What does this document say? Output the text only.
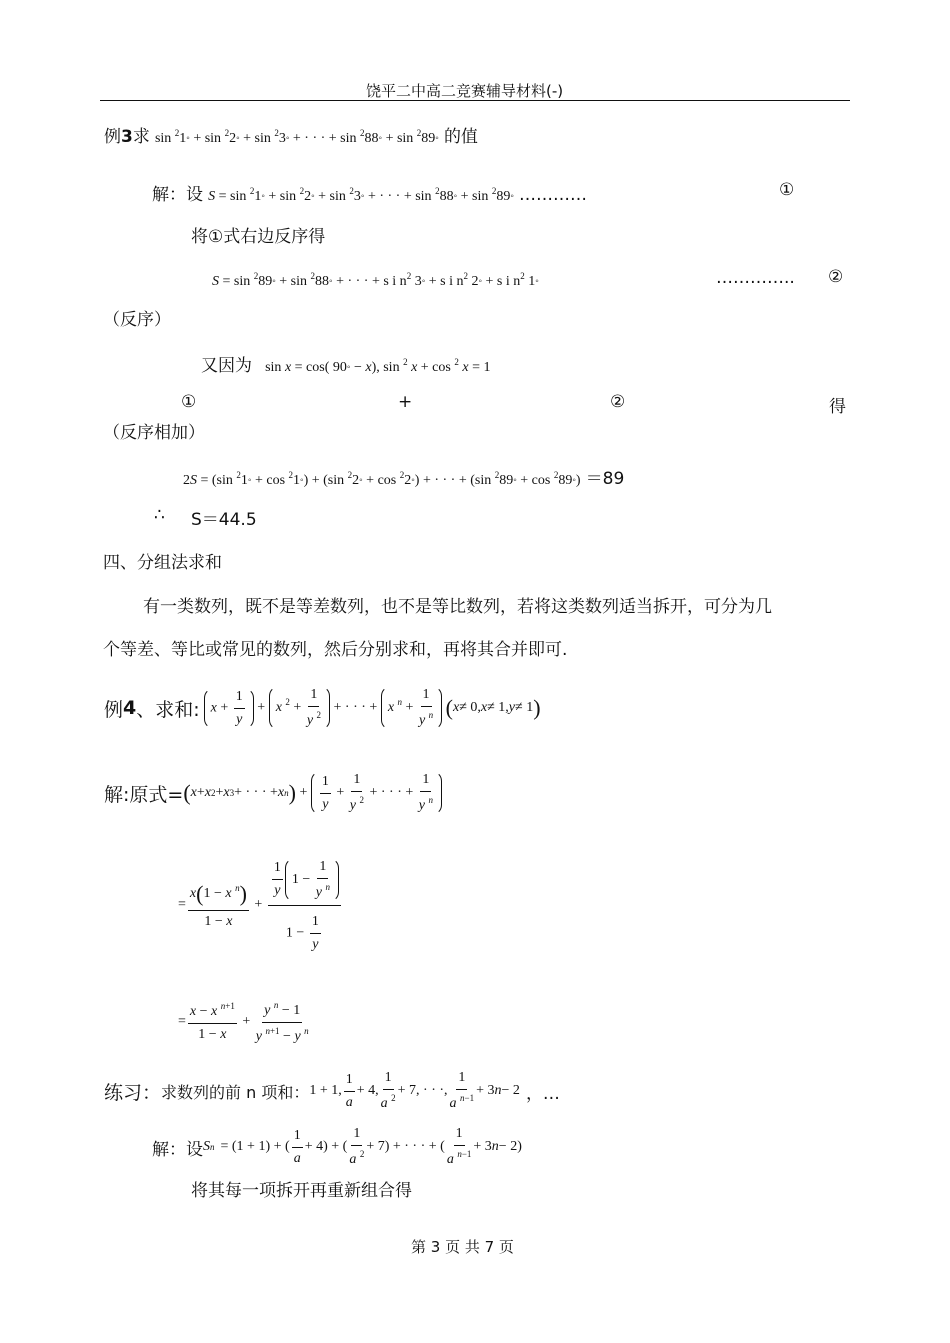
饶平二中高二竞赛辅导材料(-)
例3求 sin $^2$1◦ + sin $^2$2◦ + sin $^2$3◦ + · · · + sin $^2$88◦ + sin $^2$89◦ 的值
解：设 S = sin $^2$1◦ + sin $^2$2◦ + sin $^2$3◦ + · · · + sin $^2$88◦ + sin $^2$89◦ …………	①
将①式右边反序得
S = sin $^2$89◦ + sin $^2$88◦ + · · · + s i $n^2$ 3◦ + s i $n^2$ 2◦ + s i $n^2$ 1◦	………….. ②
（反序）
又因为 sin x = cos( 90◦ − x), sin $^2$ x + cos $^2$ x = 1
①	+	②	得
（反序相加）
2S = (sin $^2$1◦ + cos $^2$1◦) + (sin $^2$2◦ + cos $^2$2◦) + · · · + (sin $^2$89◦ + cos $^2$89◦) ＝89
∴ S＝44.5
四、分组法求和
有一类数列，既不是等差数列，也不是等比数列，若将这类数列适当拆开，可分为几
个等差、等比或常见的数列，然后分别求和，再将其合并即可.
例 4 、求和: $x + \frac{1}{y} + x$ $^2 + \frac{1}{y ^2}$ + · · · + x $^n + \frac{1}{y ^n}$
( x ≠ 0, x ≠ 1, y ≠ 1 )
解:原式= ( x + x 2 + x 3 + · · · + x n ) + $\frac{1}{y} + \frac{1}{y ^2}$ + · · · + $\frac{1}{y ^n}$
= $\frac{x(1 - x ^n)}{1 - x} + \frac{\frac{1}{y} 1 - \frac{1}{y ^n}}{1 - \frac{1}{y}}$
= $\frac{x - x ^{n+1}}{1 - x} + \frac{y ^n - 1}{y ^{n+1} - y ^n}$
练习： 求数列的前 n 项和： 1 + 1, $\frac{1}{a} + 4$, $\frac{1}{a ^2} + 7$, · · ·, $\frac{1}{a ^{n-1}} + 3$ n − 2 ，…
解：设 S n = (1 + 1) + ( $\frac{1}{a} + 4$) + ( $\frac{1}{a ^2} + 7$) + · · · + ( $\frac{1}{a ^{n-1}} + 3$ n − 2)
将其每一项拆开再重新组合得
第 3 页 共 7 页
